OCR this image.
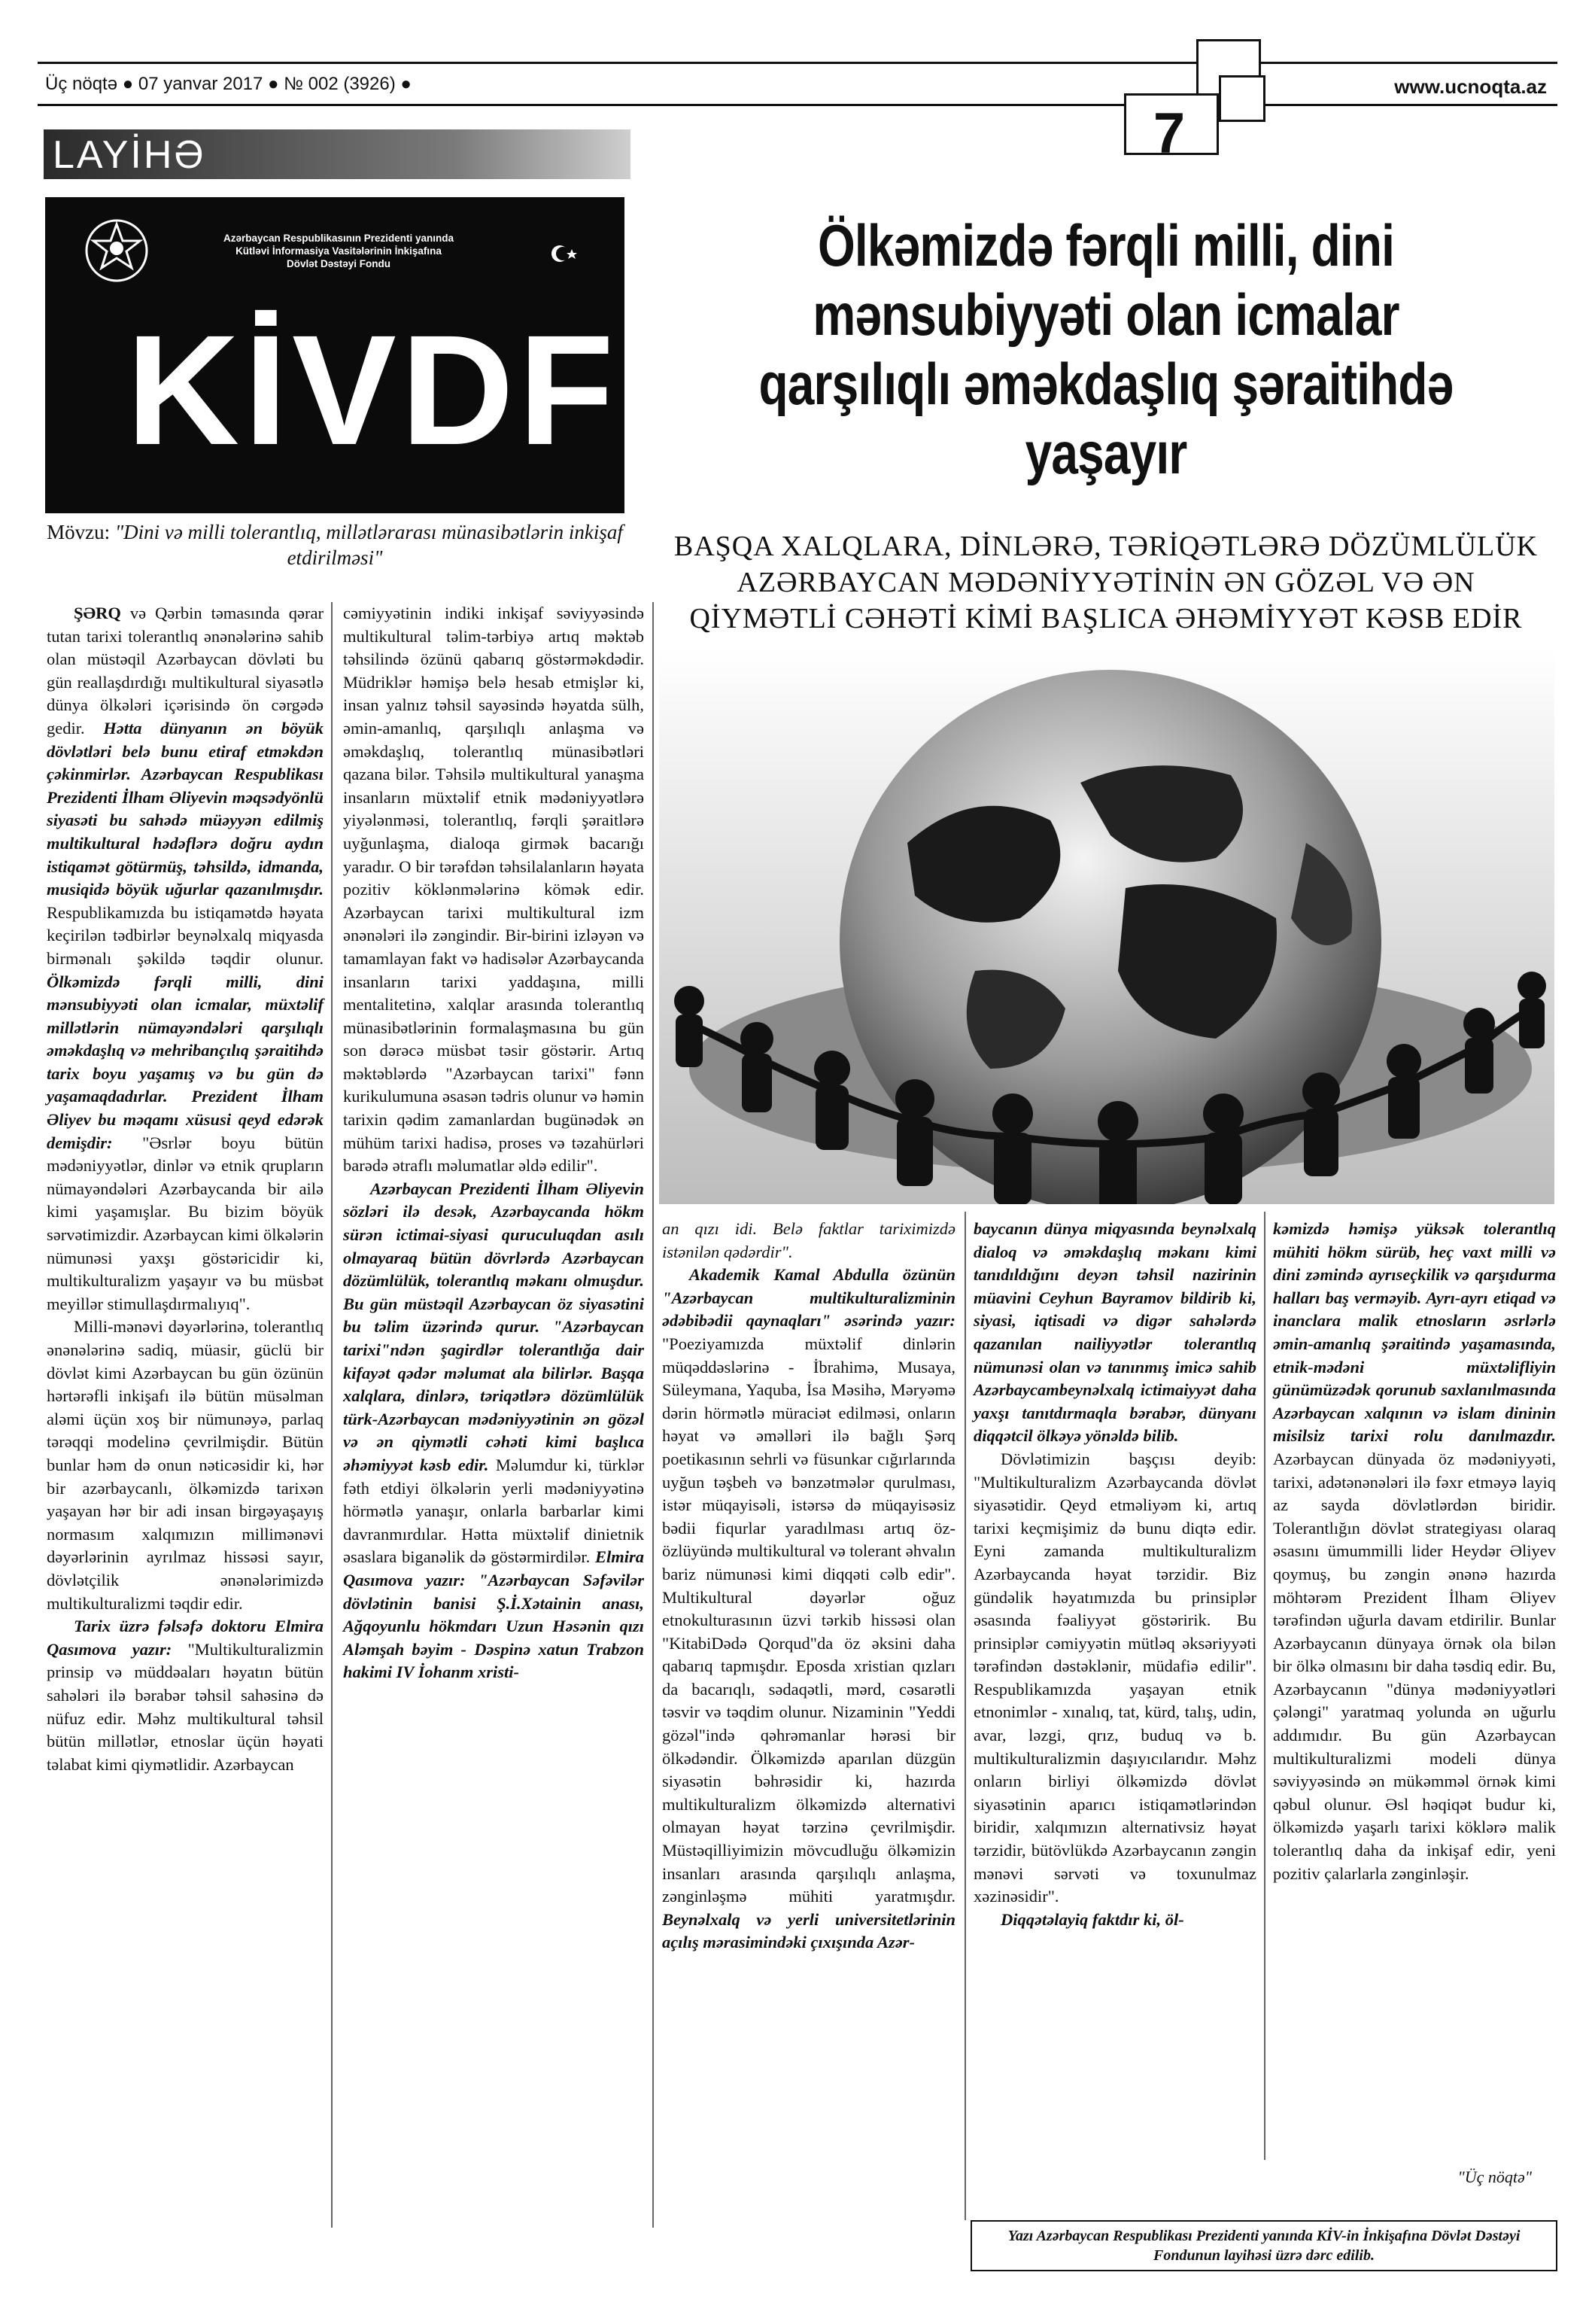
Üç nöqtə ● 07 yanvar 2017 ● № 002 (3926) ●	www.ucnoqta.az
7
LAYİHƏ
Azərbaycan Respublikasının Prezidenti yanında
Kütləvi İnformasiya Vasitələrinin İnkişafına
Dövlət Dəstəyi Fondu
KİVDF
Mövzu: "Dini və milli tolerantlıq, millətlərarası münasibətlərin inkişaf etdirilməsi"
Ölkəmizdə fərqli milli, dini mənsubiyyəti olan icmalar qarşılıqlı əməkdaşlıq şəraitihdə yaşayır
BAŞQA XALQLARA, DİNLƏRƏ, TƏRİQƏTLƏRƏ DÖZÜMLÜLÜK AZƏRBAYCAN MƏDƏNİYYƏTİNİN ƏN GÖZƏL VƏ ƏN QİYMƏTLİ CƏHƏTİ KİMİ BAŞLICA ƏHƏMİYYƏT KƏSB EDİR

ŞƏRQ və Qərbin təmasında qərar tutan tarixi tolerantlıq ənənələrinə sahib olan müstəqil Azərbaycan dövləti bu gün reallaşdırdığı multikultural siyasətlə dünya ölkələri içərisində ön cərgədə gedir. Hətta dünyanın ən böyük dövlətləri belə bunu etiraf etməkdən çəkinmirlər. Azərbaycan Respublikası Prezidenti İlham Əliyevin məqsədyönlü siyasəti bu sahədə müəyyən edilmiş multikultural hədəflərə doğru aydın istiqamət götürmüş, təhsildə, idmanda, musiqidə böyük uğurlar qazanılmışdır. Respublikamızda bu istiqamətdə həyata keçirilən tədbirlər beynəlxalq miqyasda birmənalı şəkildə təqdir olunur. Ölkəmizdə fərqli milli, dini mənsubiyyəti olan icmalar, müxtəlif millətlərin nümayəndələri qarşılıqlı əməkdaşlıq və mehribançılıq şəraitihdə tarix boyu yaşamış və bu gün də yaşamaqdadırlar. Prezident İlham Əliyev bu məqamı xüsusi qeyd edərək demişdir: "Əsrlər boyu bütün mədəniyyətlər, dinlər və etnik qrupların nümayəndələri Azərbaycanda bir ailə kimi yaşamışlar. Bu bizim böyük sərvətimizdir. Azərbaycan kimi ölkələrin nümunəsi yaxşı göstəricidir ki, multikulturalizm yaşayır və bu müsbət meyillər stimullaşdırmalıyıq".

Milli-mənəvi dəyərlərinə, tolerantlıq ənənələrinə sadiq, müasir, güclü bir dövlət kimi Azərbaycan bu gün özünün hərtərəfli inkişafı ilə bütün müsəlman aləmi üçün xoş bir nümunəyə, parlaq tərəqqi modelinə çevrilmişdir. Bütün bunlar həm də onun nəticəsidir ki, hər bir azərbaycanlı, ölkəmizdə tarixən yaşayan hər bir adi insan birgəyaşayış normasım xalqımızın millimənəvi dəyərlərinin ayrılmaz hissəsi sayır, dövlətçilik ənənələrimizdə multikulturalizmi təqdir edir.

Tarix üzrə fəlsəfə doktoru Elmira Qasımova yazır: "Multikulturalizmin prinsip və müddəaları həyatın bütün sahələri ilə bərabər təhsil sahəsinə də nüfuz edir. Məhz multikultural təhsil bütün millətlər, etnoslar üçün həyati təlabat kimi qiymətlidir. Azərbaycan

cəmiyyətinin indiki inkişaf səviyyəsində multikultural təlim-tərbiyə artıq məktəb təhsilində özünü qabarıq göstərməkdədir. Müdriklər həmişə belə hesab etmişlər ki, insan yalnız təhsil sayəsində həyatda sülh, əmin-amanlıq, qarşılıqlı anlaşma və əməkdaşlıq, tolerantlıq münasibətləri qazana bilər. Təhsilə multikultural yanaşma insanların müxtəlif etnik mədəniyyətlərə yiyələnməsi, tolerantlıq, fərqli şəraitlərə uyğunlaşma, dialoqa girmək bacarığı yaradır. O bir tərəfdən təhsilalanların həyata pozitiv köklənmələrinə kömək edir. Azərbaycan tarixi multikultural izm ənənələri ilə zəngindir. Bir-birini izləyən və tamamlayan fakt və hadisələr Azərbaycanda insanların tarixi yaddaşına, milli mentalitetinə, xalqlar arasında tolerantlıq münasibətlərinin formalaşmasına bu gün son dərəcə müsbət təsir göstərir. Artıq məktəblərdə "Azərbaycan tarixi" fənn kurikulumuna əsasən tədris olunur və həmin tarixin qədim zamanlardan bugünədək ən mühüm tarixi hadisə, proses və təzahürləri barədə ətraflı məlumatlar əldə edilir".

Azərbaycan Prezidenti İlham Əliyevin sözləri ilə desək, Azərbaycanda hökm sürən ictimai-siyasi quruculuqdan asılı olmayaraq bütün dövrlərdə Azərbaycan dözümlülük, tolerantlıq məkanı olmuşdur. Bu gün müstəqil Azərbaycan öz siyasətini bu təlim üzərində qurur. "Azərbaycan tarixi"ndən şagirdlər tolerantlığa dair kifayət qədər məlumat ala bilirlər. Başqa xalqlara, dinlərə, təriqətlərə dözümlülük türk-Azərbaycan mədəniyyətinin ən gözəl və ən qiymətli cəhəti kimi başlıca əhəmiyyət kəsb edir. Məlumdur ki, türklər fəth etdiyi ölkələrin yerli mədəniyyətinə hörmətlə yanaşır, onlarla barbarlar kimi davranmırdılar. Hətta müxtəlif dinietnik əsaslara biganəlik də göstərmirdilər. Elmira Qasımova yazır: "Azərbaycan Səfəvilər dövlətinin banisi Ş.İ.Xətainin anası, Ağqoyunlu hökmdarı Uzun Həsənin qızı Aləmşah bəyim - Dəspinə xatun Trabzon hakimi IV İohanm xristi-

an qızı idi. Belə faktlar tariximizdə istənilən qədərdir".

Akademik Kamal Abdulla özünün "Azərbaycan multikulturalizminin ədəbibədii qaynaqları" əsərində yazır: "Poeziyamızda müxtəlif dinlərin müqəddəslərinə - İbrahimə, Musaya, Süleymana, Yaquba, İsa Məsihə, Məryəmə dərin hörmətlə müraciət edilməsi, onların həyat və əməlləri ilə bağlı Şərq poetikasının sehrli və füsunkar cığırlarında uyğun təşbeh və bənzətmələr qurulması, istər müqayisəli, istərsə də müqayisəsiz bədii fiqurlar yaradılması artıq öz-özlüyündə multikultural və tolerant əhvalın bariz nümunəsi kimi diqqəti cəlb edir". Multikultural dəyərlər oğuz etnokulturasının üzvi tərkib hissəsi olan "KitabiDədə Qorqud"da öz əksini daha qabarıq tapmışdır. Eposda xristian qızları da bacarıqlı, sədaqətli, mərd, cəsarətli təsvir və təqdim olunur. Nizaminin "Yeddi gözəl"ində qəhrəmanlar hərəsi bir ölkədəndir. Ölkəmizdə aparılan düzgün siyasətin bəhrəsidir ki, hazırda multikulturalizm ölkəmizdə alternativi olmayan həyat tərzinə çevrilmişdir. Müstəqilliyimizin mövcudluğu ölkəmizin insanları arasında qarşılıqlı anlaşma, zənginləşmə mühiti yaratmışdır. Beynəlxalq və yerli universitetlərinin açılış mərasimindəki çıxışında Azər-

baycanın dünya miqyasında beynəlxalq dialoq və əməkdaşlıq məkanı kimi tanıdıldığını deyən təhsil nazirinin müavini Ceyhun Bayramov bildirib ki, siyasi, iqtisadi və digər sahələrdə qazanılan nailiyyətlər tolerantlıq nümunəsi olan və tanınmış imicə sahib Azərbaycambeynəlxalq ictimaiyyət daha yaxşı tanıtdırmaqla bərabər, dünyanı diqqətcil ölkəyə yönəldə bilib.

Dövlətimizin başçısı deyib: "Multikulturalizm Azərbaycanda dövlət siyasətidir. Qeyd etməliyəm ki, artıq tarixi keçmişimiz də bunu diqtə edir. Eyni zamanda multikulturalizm Azərbaycanda həyat tərzidir. Biz gündəlik həyatımızda bu prinsiplər əsasında fəaliyyət göstəririk. Bu prinsiplər cəmiyyətin mütləq əksəriyyəti tərəfindən dəstəklənir, müdafiə edilir". Respublikamızda yaşayan etnik etnonimlər - xınalıq, tat, kürd, talış, udin, avar, ləzgi, qrız, buduq və b. multikulturalizmin daşıyıcılarıdır. Məhz onların birliyi ölkəmizdə dövlət siyasətinin aparıcı istiqamətlərindən biridir, xalqımızın alternativsiz həyat tərzidir, bütövlükdə Azərbaycanın zəngin mənəvi sərvəti və toxunulmaz xəzinəsidir".

Diqqətəlayiq faktdır ki, öl-

kəmizdə həmişə yüksək tolerantlıq mühiti hökm sürüb, heç vaxt milli və dini zəmində ayrıseçkilik və qarşıdurma halları baş verməyib. Ayrı-ayrı etiqad və inanclara malik etnosların əsrlərlə əmin-amanlıq şəraitində yaşamasında, etnik-mədəni müxtəlifliyin günümüzədək qorunub saxlanılmasında Azərbaycan xalqının və islam dininin misilsiz tarixi rolu danılmazdır. Azərbaycan dünyada öz mədəniyyəti, tarixi, adətənənələri ilə fəxr etməyə layiq az sayda dövlətlərdən biridir. Tolerantlığın dövlət strategiyası olaraq əsasını ümummilli lider Heydər Əliyev qoymuş, bu zəngin ənənə hazırda möhtərəm Prezident İlham Əliyev tərəfindən uğurla davam etdirilir. Bunlar Azərbaycanın dünyaya örnək ola bilən bir ölkə olmasını bir daha təsdiq edir. Bu, Azərbaycanın "dünya mədəniyyətləri çələngi" yaratmaq yolunda ən uğurlu addımıdır. Bu gün Azərbaycan multikulturalizmi modeli dünya səviyyəsində ən mükəmməl örnək kimi qəbul olunur. Əsl həqiqət budur ki, ölkəmizdə yaşarlı tarixi köklərə malik tolerantlıq daha da inkişaf edir, yeni pozitiv çalarlarla zənginləşir.

"Üç nöqtə"
Yazı Azərbaycan Respublikası Prezidenti yanında KİV-in İnkişafına Dövlət Dəstəyi Fondunun layihəsi üzrə dərc edilib.
